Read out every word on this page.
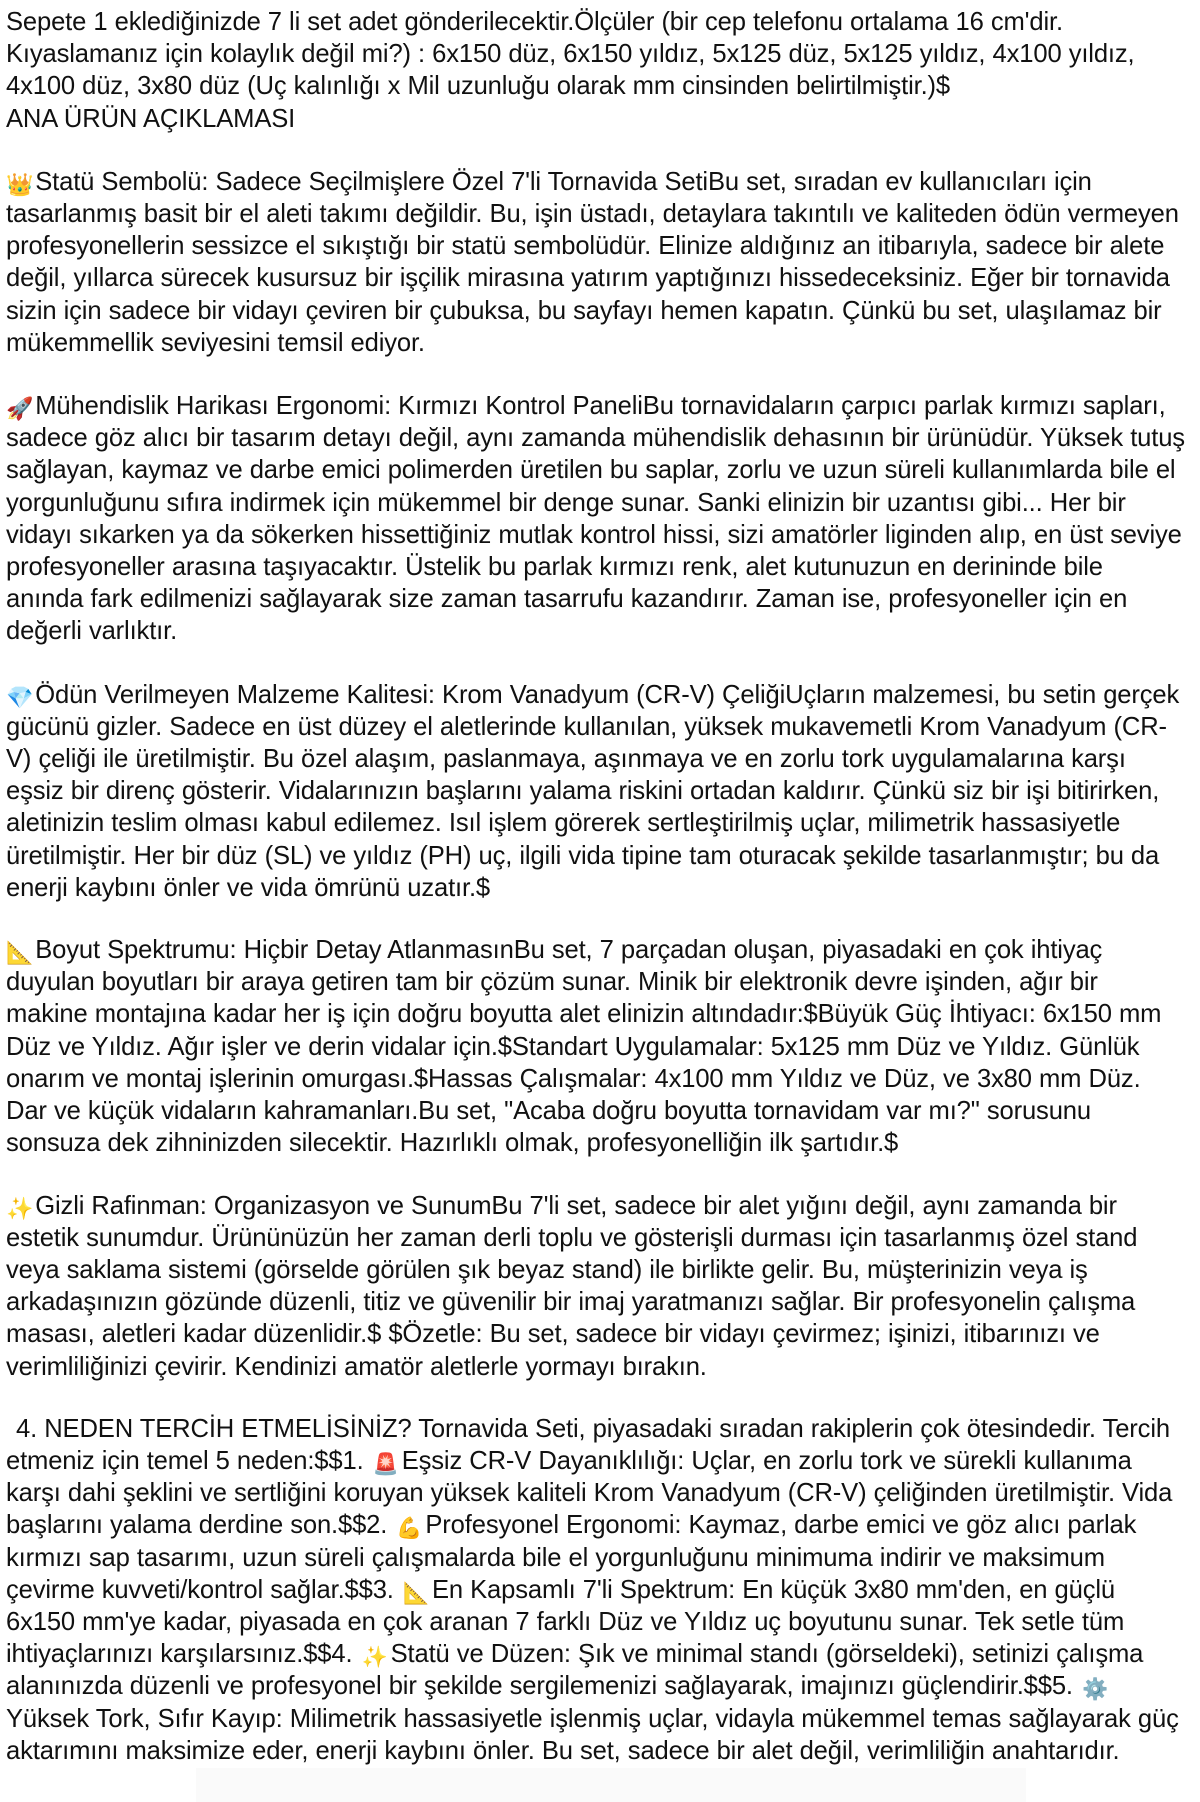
Sepete 1 eklediğinizde 7 li set adet gönderilecektir.Ölçüler (bir cep telefonu ortalama 16 cm'dir. Kıyaslamanız için kolaylık değil mi?) : 6x150 düz, 6x150 yıldız, 5x125 düz, 5x125 yıldız, 4x100 yıldız, 4x100 düz, 3x80 düz (Uç kalınlığı x Mil uzunluğu olarak mm cinsinden belirtilmiştir.)$

ANA ÜRÜN AÇIKLAMASI

👑Statü Sembolü: Sadece Seçilmişlere Özel 7'li Tornavida SetiBu set, sıradan ev kullanıcıları için tasarlanmış basit bir el aleti takımı değildir. Bu, işin üstadı, detaylara takıntılı ve kaliteden ödün vermeyen profesyonellerin sessizce el sıkıştığı bir statü sembolüdür. Elinize aldığınız an itibarıyla, sadece bir alete değil, yıllarca sürecek kusursuz bir işçilik mirasına yatırım yaptığınızı hissedeceksiniz. Eğer bir tornavida sizin için sadece bir vidayı çeviren bir çubuksa, bu sayfayı hemen kapatın. Çünkü bu set, ulaşılamaz bir mükemmellik seviyesini temsil ediyor.

🚀Mühendislik Harikası Ergonomi: Kırmızı Kontrol PaneliBu tornavidaların çarpıcı parlak kırmızı sapları, sadece göz alıcı bir tasarım detayı değil, aynı zamanda mühendislik dehasının bir ürünüdür. Yüksek tutuş sağlayan, kaymaz ve darbe emici polimerden üretilen bu saplar, zorlu ve uzun süreli kullanımlarda bile el yorgunluğunu sıfıra indirmek için mükemmel bir denge sunar. Sanki elinizin bir uzantısı gibi... Her bir vidayı sıkarken ya da sökerken hissettiğiniz mutlak kontrol hissi, sizi amatörler liginden alıp, en üst seviye profesyoneller arasına taşıyacaktır. Üstelik bu parlak kırmızı renk, alet kutunuzun en derininde bile anında fark edilmenizi sağlayarak size zaman tasarrufu kazandırır. Zaman ise, profesyoneller için en değerli varlıktır.

💎Ödün Verilmeyen Malzeme Kalitesi: Krom Vanadyum (CR-V) ÇeliğiUçların malzemesi, bu setin gerçek gücünü gizler. Sadece en üst düzey el aletlerinde kullanılan, yüksek mukavemetli Krom Vanadyum (CR-V) çeliği ile üretilmiştir. Bu özel alaşım, paslanmaya, aşınmaya ve en zorlu tork uygulamalarına karşı eşsiz bir direnç gösterir. Vidalarınızın başlarını yalama riskini ortadan kaldırır. Çünkü siz bir işi bitirirken, aletinizin teslim olması kabul edilemez. Isıl işlem görerek sertleştirilmiş uçlar, milimetrik hassasiyetle üretilmiştir. Her bir düz (SL) ve yıldız (PH) uç, ilgili vida tipine tam oturacak şekilde tasarlanmıştır; bu da enerji kaybını önler ve vida ömrünü uzatır.$

📐Boyut Spektrumu: Hiçbir Detay AtlanmasınBu set, 7 parçadan oluşan, piyasadaki en çok ihtiyaç duyulan boyutları bir araya getiren tam bir çözüm sunar. Minik bir elektronik devre işinden, ağır bir makine montajına kadar her iş için doğru boyutta alet elinizin altındadır:$Büyük Güç İhtiyacı: 6x150 mm Düz ve Yıldız. Ağır işler ve derin vidalar için.$Standart Uygulamalar: 5x125 mm Düz ve Yıldız. Günlük onarım ve montaj işlerinin omurgası.$Hassas Çalışmalar: 4x100 mm Yıldız ve Düz, ve 3x80 mm Düz. Dar ve küçük vidaların kahramanları.Bu set, "Acaba doğru boyutta tornavidam var mı?" sorusunu sonsuza dek zihninizden silecektir. Hazırlıklı olmak, profesyonelliğin ilk şartıdır.$

✨Gizli Rafinman: Organizasyon ve SunumBu 7'li set, sadece bir alet yığını değil, aynı zamanda bir estetik sunumdur. Ürününüzün her zaman derli toplu ve gösterişli durması için tasarlanmış özel stand veya saklama sistemi (görselde görülen şık beyaz stand) ile birlikte gelir. Bu, müşterinizin veya iş arkadaşınızın gözünde düzenli, titiz ve güvenilir bir imaj yaratmanızı sağlar. Bir profesyonelin çalışma masası, aletleri kadar düzenlidir.$ $Özetle: Bu set, sadece bir vidayı çevirmez; işinizi, itibarınızı ve verimliliğinizi çevirir. Kendinizi amatör aletlerle yormayı bırakın.

4. NEDEN TERCİH ETMELİSİNİZ? Tornavida Seti, piyasadaki sıradan rakiplerin çok ötesindedir. Tercih etmeniz için temel 5 neden:$$1. 🚨 Eşsiz CR-V Dayanıklılığı: Uçlar, en zorlu tork ve sürekli kullanıma karşı dahi şeklini ve sertliğini koruyan yüksek kaliteli Krom Vanadyum (CR-V) çeliğinden üretilmiştir. Vida başlarını yalama derdine son.$$2. 💪 Profesyonel Ergonomi: Kaymaz, darbe emici ve göz alıcı parlak kırmızı sap tasarımı, uzun süreli çalışmalarda bile el yorgunluğunu minimuma indirir ve maksimum çevirme kuvveti/kontrol sağlar.$$3. 📐 En Kapsamlı 7'li Spektrum: En küçük 3x80 mm'den, en güçlü 6x150 mm'ye kadar, piyasada en çok aranan 7 farklı Düz ve Yıldız uç boyutunu sunar. Tek setle tüm ihtiyaçlarınızı karşılarsınız.$$4. ✨ Statü ve Düzen: Şık ve minimal standı (görseldeki), setinizi çalışma alanınızda düzenli ve profesyonel bir şekilde sergilemenizi sağlayarak, imajınızı güçlendirir.$$5. ⚙️Yüksek Tork, Sıfır Kayıp: Milimetrik hassasiyetle işlenmiş uçlar, vidayla mükemmel temas sağlayarak güç aktarımını maksimize eder, enerji kaybını önler. Bu set, sadece bir alet değil, verimliliğin anahtarıdır.
